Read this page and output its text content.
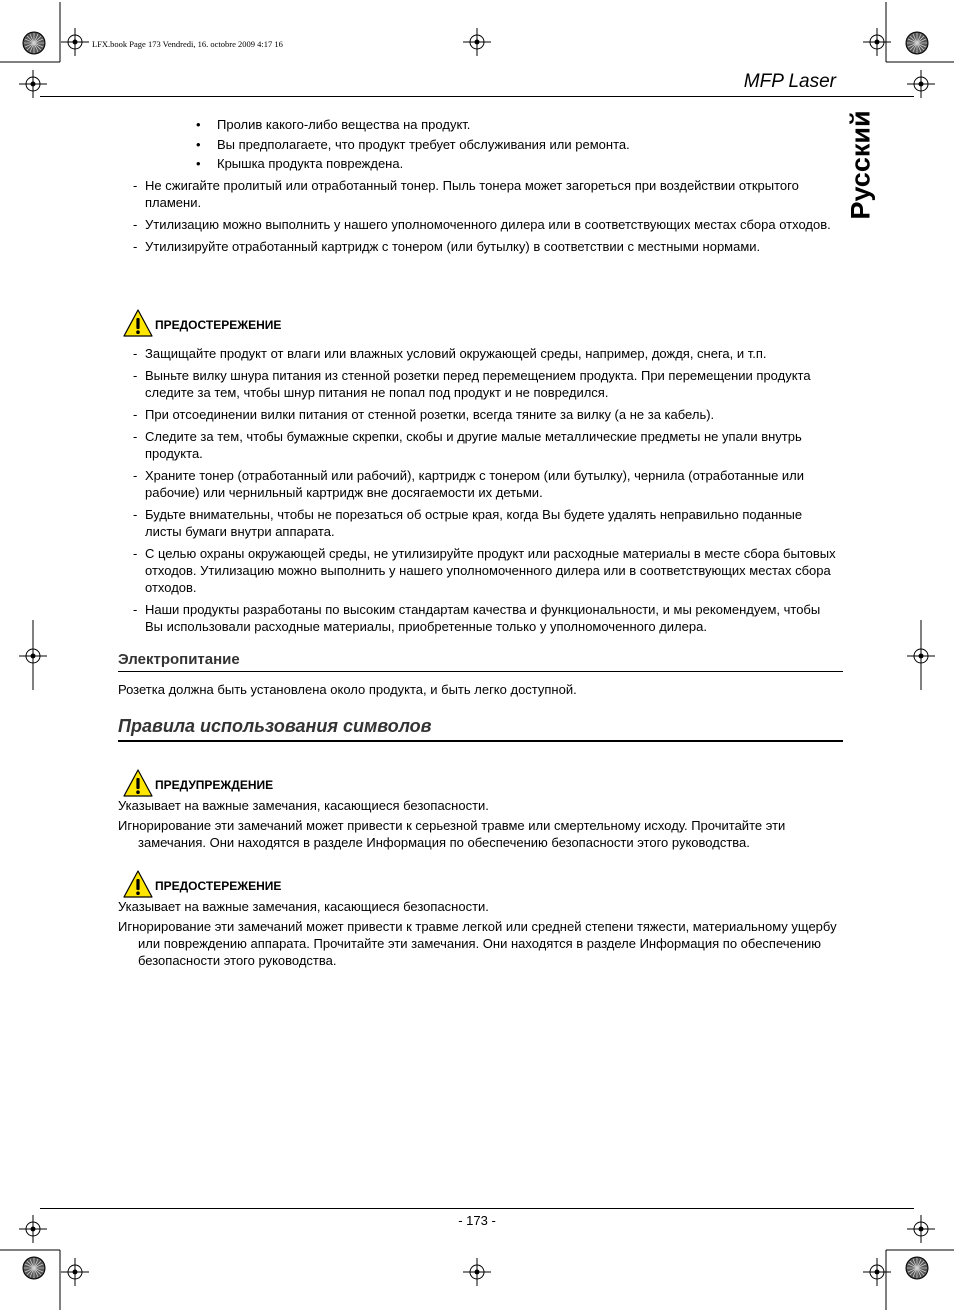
LFX.book Page 173 Vendredi, 16. octobre 2009 4:17 16
MFP Laser
Русский
• Пролив какого-либо вещества на продукт.
• Вы предполагаете, что продукт требует обслуживания или ремонта.
• Крышка продукта повреждена.
- Не сжигайте пролитый или отработанный тонер. Пыль тонера может загореться при воздействии открытого пламени.
- Утилизацию можно выполнить у нашего уполномоченного дилера или в соответствующих местах сбора отходов.
- Утилизируйте отработанный картридж с тонером (или бутылку) в соответствии с местными нормами.
ПРЕДОСТЕРЕЖЕНИЕ
- Защищайте продукт от влаги или влажных условий окружающей среды, например, дождя, снега, и т.п.
- Выньте вилку шнура питания из стенной розетки перед перемещением продукта. При перемещении продукта следите за тем, чтобы шнур питания не попал под продукт и не повредился.
- При отсоединении вилки питания от стенной розетки, всегда тяните за вилку (а не за кабель).
- Следите за тем, чтобы бумажные скрепки, скобы и другие малые металлические предметы не упали внутрь продукта.
- Храните тонер (отработанный или рабочий), картридж с тонером (или бутылку), чернила (отработанные или рабочие) или чернильный картридж вне досягаемости их детьми.
- Будьте внимательны, чтобы не порезаться об острые края, когда Вы будете удалять неправильно поданные листы бумаги внутри аппарата.
- С целью охраны окружающей среды, не утилизируйте продукт или расходные материалы в месте сбора бытовых отходов. Утилизацию можно выполнить у нашего уполномоченного дилера или в соответствующих местах сбора отходов.
- Наши продукты разработаны по высоким стандартам качества и функциональности, и мы рекомендуем, чтобы Вы использовали расходные материалы, приобретенные только у уполномоченного дилера.
Электропитание
Розетка должна быть установлена около продукта, и быть легко доступной.
Правила использования символов
ПРЕДУПРЕЖДЕНИЕ
Указывает на важные замечания, касающиеся безопасности.
Игнорирование эти замечаний может привести к серьезной травме или смертельному исходу. Прочитайте эти замечания. Они находятся в разделе Информация по обеспечению безопасности этого руководства.
ПРЕДОСТЕРЕЖЕНИЕ
Указывает на важные замечания, касающиеся безопасности.
Игнорирование эти замечаний может привести к травме легкой или средней степени тяжести, материальному ущербу или повреждению аппарата. Прочитайте эти замечания. Они находятся в разделе Информация по обеспечению безопасности этого руководства.
- 173 -
